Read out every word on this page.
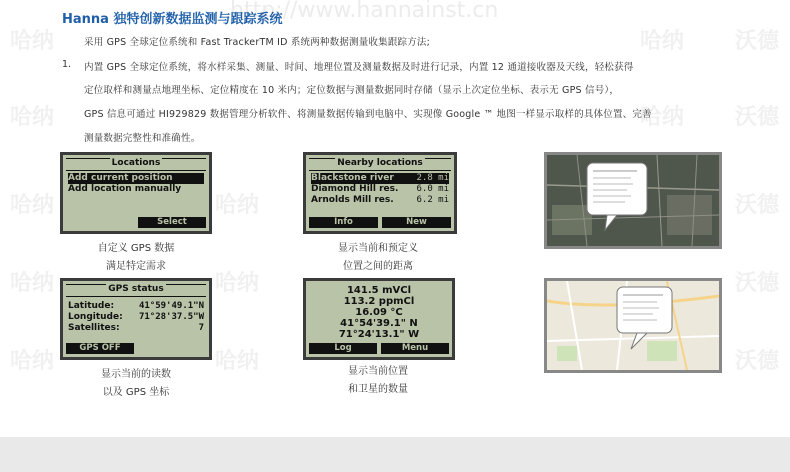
http://www.hannainst.cn
哈纳	哈纳 沃德
哈纳	哈纳 沃德
哈纳	哈纳	沃德
哈纳	哈纳	沃德
哈纳	哈纳	沃德
Hanna 独特创新数据监测与跟踪系统
采用 GPS 全球定位系统和 Fast TrackerTM ID 系统两种数据测量收集跟踪方法;
1. 内置 GPS 全球定位系统，将水样采集、测量、时间、地理位置及测量数据及时进行记录，内置 12 通道接收器及天线，轻松获得
定位取样和测量点地理坐标、定位精度在 10 米内；定位数据与测量数据同时存储（显示上次定位坐标、表示无 GPS 信号），
GPS 信息可通过 HI929829 数据管理分析软件、将测量数据传输到电脑中、实现像 Google ™ 地图一样显示取样的具体位置、完善
测量数据完整性和准确性。
Locations
Add current position
Add location manually
Select
Nearby locations
Blackstone river	2.8 mi
Diamond Hill res. 6.0 mi
Arnolds Mill res.	6.2 mi
Info	New
自定义 GPS 数据
满足特定需求
显示当前和预定义
位置之间的距离
GPS status
Latitude:	41°59'49.1"N
Longitude: 71°28'37.5"W
Satellites:	7
GPS OFF
141.5 mVCl
113.2 ppmCl
16.09 °C
41°54'39.1" N
71°24'13.1" W
Log	Menu
显示当前的读数
以及 GPS 坐标
显示当前位置
和卫星的数量
